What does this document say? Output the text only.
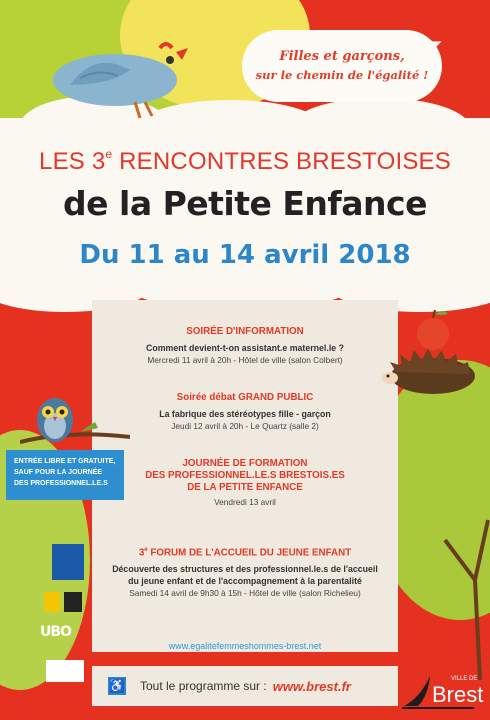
Filles et garçons,
sur le chemin de l'égalité !
LES 3e RENCONTRES BRESTOISES
de la Petite Enfance
Du 11 au 14 avril 2018
SOIRÉE D'INFORMATION
Comment devient-t-on assistant.e maternel.le ?
Mercredi 11 avril à 20h - Hôtel de ville (salon Colbert)
Soirée débat GRAND PUBLIC
La fabrique des stéréotypes fille - garçon
Jeudi 12 avril à 20h - Le Quartz (salle 2)
JOURNÉE DE FORMATION
DES PROFESSIONNEL.LE.S BRESTOIS.ES
DE LA PETITE ENFANCE
Vendredi 13 avril
3e FORUM DE L'ACCUEIL DU JEUNE ENFANT
Découverte des structures et des professionnel.le.s de l'accueil
du jeune enfant et de l'accompagnement à la parentalité
Samedi 14 avril de 9h30 à 15h - Hôtel de ville (salon Richelieu)
www.egalitefemmeshommes-brest.net
♿ Tout le programme sur : www.brest.fr
ENTRÉE LIBRE ET GRATUITE,
SAUF POUR LA JOURNÉE
DES PROFESSIONNEL.LE.S
UBO
VILLE DE
Brest
